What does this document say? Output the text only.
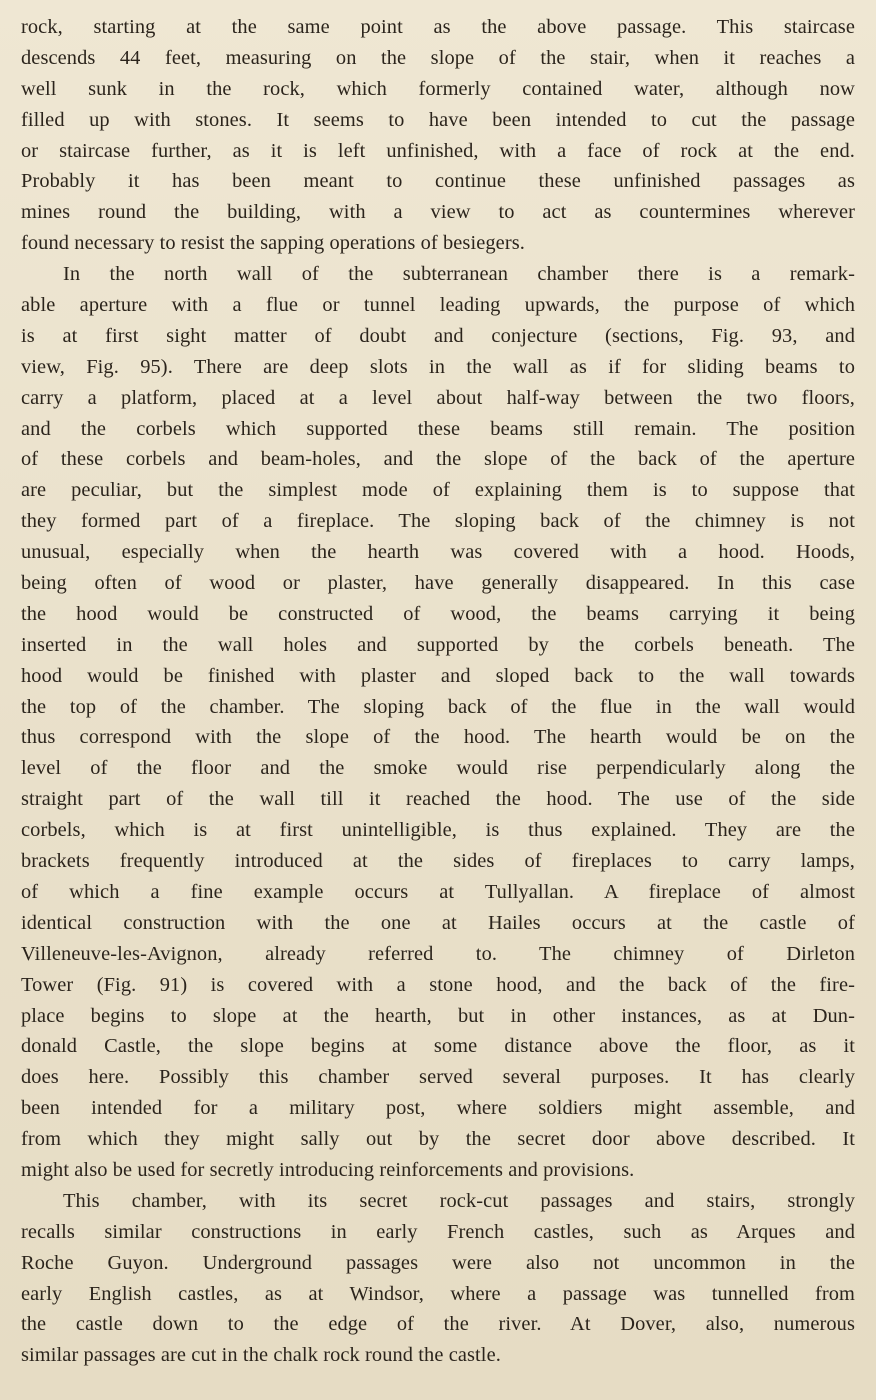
rock, starting at the same point as the above passage. This staircase
descends 44 feet, measuring on the slope of the stair, when it reaches a
well sunk in the rock, which formerly contained water, although now
filled up with stones. It seems to have been intended to cut the passage
or staircase further, as it is left unfinished, with a face of rock at the end.
Probably it has been meant to continue these unfinished passages as
mines round the building, with a view to act as countermines wherever
found necessary to resist the sapping operations of besiegers.
In the north wall of the subterranean chamber there is a remark-
able aperture with a flue or tunnel leading upwards, the purpose of which
is at first sight matter of doubt and conjecture (sections, Fig. 93, and
view, Fig. 95). There are deep slots in the wall as if for sliding beams to
carry a platform, placed at a level about half-way between the two floors,
and the corbels which supported these beams still remain. The position
of these corbels and beam-holes, and the slope of the back of the aperture
are peculiar, but the simplest mode of explaining them is to suppose that
they formed part of a fireplace. The sloping back of the chimney is not
unusual, especially when the hearth was covered with a hood. Hoods,
being often of wood or plaster, have generally disappeared. In this case
the hood would be constructed of wood, the beams carrying it being
inserted in the wall holes and supported by the corbels beneath. The
hood would be finished with plaster and sloped back to the wall towards
the top of the chamber. The sloping back of the flue in the wall would
thus correspond with the slope of the hood. The hearth would be on the
level of the floor and the smoke would rise perpendicularly along the
straight part of the wall till it reached the hood. The use of the side
corbels, which is at first unintelligible, is thus explained. They are the
brackets frequently introduced at the sides of fireplaces to carry lamps,
of which a fine example occurs at Tullyallan. A fireplace of almost
identical construction with the one at Hailes occurs at the castle of
Villeneuve-les-Avignon, already referred to. The chimney of Dirleton
Tower (Fig. 91) is covered with a stone hood, and the back of the fire-
place begins to slope at the hearth, but in other instances, as at Dun-
donald Castle, the slope begins at some distance above the floor, as it
does here. Possibly this chamber served several purposes. It has clearly
been intended for a military post, where soldiers might assemble, and
from which they might sally out by the secret door above described. It
might also be used for secretly introducing reinforcements and provisions.
This chamber, with its secret rock-cut passages and stairs, strongly
recalls similar constructions in early French castles, such as Arques and
Roche Guyon. Underground passages were also not uncommon in the
early English castles, as at Windsor, where a passage was tunnelled from
the castle down to the edge of the river. At Dover, also, numerous
similar passages are cut in the chalk rock round the castle.
